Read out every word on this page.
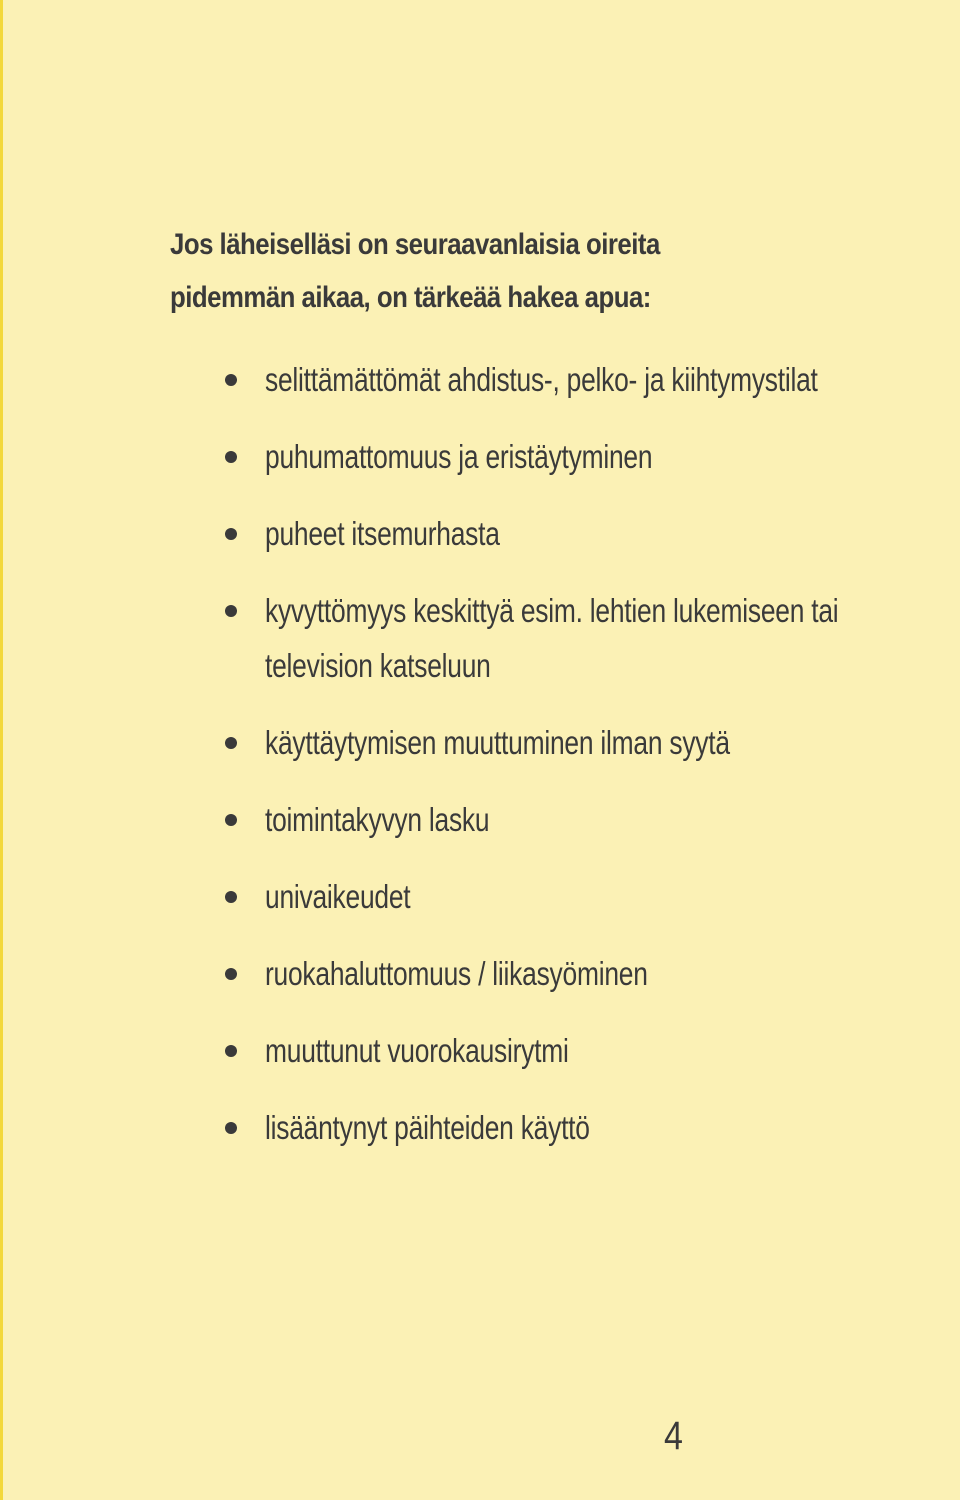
Jos läheiselläsi on seuraavanlaisia oireita
pidemmän aikaa, on tärkeää hakea apua:
selittämättömät ahdistus-, pelko- ja kiihtymystilat
puhumattomuus ja eristäytyminen
puheet itsemurhasta
kyvyttömyys keskittyä esim. lehtien lukemiseen tai television katseluun
käyttäytymisen muuttuminen ilman syytä
toimintakyvyn lasku
univaikeudet
ruokahaluttomuus / liikasyöminen
muuttunut vuorokausirytmi
lisääntynyt päihteiden käyttö
4
